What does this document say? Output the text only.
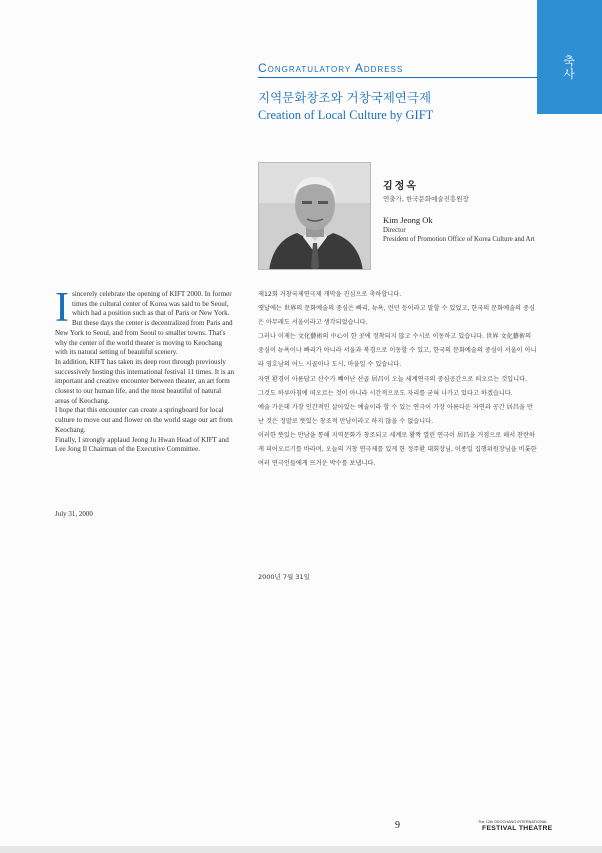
축
사
Congratulatory Address
지역문화창조와 거창국제연극제
Creation of Local Culture by GIFT
김정옥
연출가, 한국문화예술진흥원장
Kim Jeong Ok
Director
President of Promotion Office of Korea Culture and Art
I sincerely celebrate the opening of KIFT 2000. In former times the cultural center of Korea was said to be Seoul, which had a position such as that of Paris or New York.

But these days the center is decentralized from Paris and New York to Seoul, and from Seoul to smaller towns. That's why the center of the world theater is moving to Keochang with its natural setting of beautiful scenery.

In addition, KIFT has taken its deep root through previously successively hosting this international festival 11 times. It is an important and creative encounter between theater, an art form closest to our human life, and the most beautiful of natural areas of Keochang.

I hope that this encounter can create a springboard for local culture to move out and flower on the world stage our art from Keochang.

Finally, I strongly applaud Jeong Ju Hwan Head of KIFT and Lee Jong Il Chairman of the Executive Committee.

July 31, 2000

제12회 거창국제연극제 개막을 진심으로 축하합니다.

옛날에는 世界의 문화예술의 중심은 빠리, 뉴욕, 런던 등이라고 말할 수 있었고, 한국의 문화예술의 중심은 아무래도 서울이라고 생각되었습니다.

그러나 이제는 文化藝術의 中心이 한 곳에 정착되지 않고 수시로 이동하고 있습니다. 世界 文化藝術의 중심이 뉴욕이나 빠리가 아니라 서울과 북경으로 이동할 수 있고, 한국의 문화예술의 중심이 서울이 아니라 영호남의 어느 시골이나 도시, 마을일 수 있습니다.

자연 환경이 아름답고 산수가 빼어난 산골 居昌이 오늘 세계연극의 중심공간으로 떠오르는 것입니다.

그것도 하루아침에 떠오르는 것이 아니라 시간적으로도 자리를 굳혀 나가고 있다고 하겠습니다.

예술 가운데 가장 인간적인 살아있는 예술이라 할 수 있는 연극이 가장 아름다운 자연과 공간 居昌을 만난 것은 정말로 뜻있는 창조적 만남이라고 하지 않을 수 없습니다.

이러한 뜻있는 만남을 통해 지역문화가 창조되고 세계로 활짝 열린 연극이 居昌을 거점으로 해서 찬란하게 피어오르기를 바라며, 오늘의 거창 연극제를 있게 한 정주환 대회장님, 이종일 집행위원장님을 비롯한 여러 연극인들에게 뜨거운 박수를 보냅니다.

2000년 7월 31일
9	The 12th GEOCHANG INTERNATIONAL
FESTIVAL THEATRE
